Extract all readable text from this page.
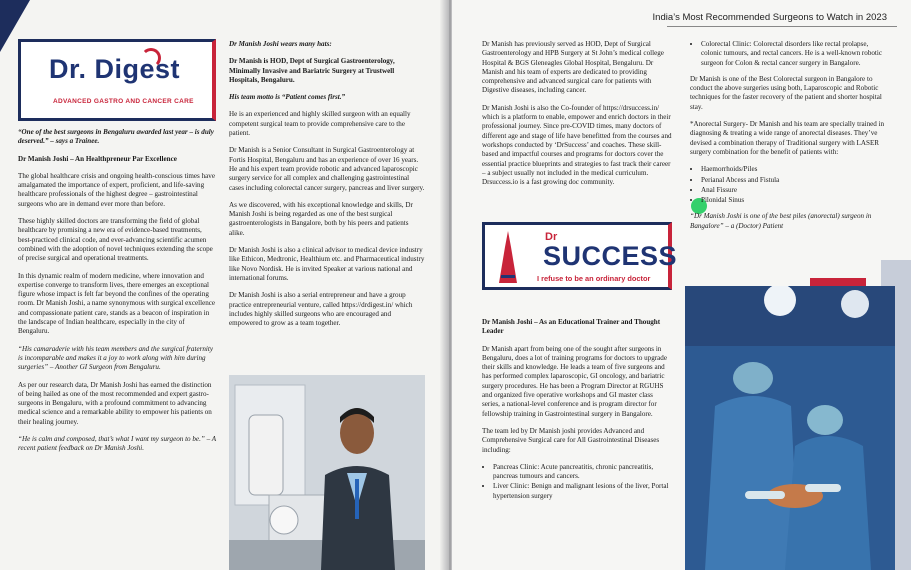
Dr. Digest
ADVANCED GASTRO AND CANCER CARE

“One of the best surgeons in Bengaluru awarded last year – is duly deserved.” – says a Trainee.

Dr Manish Joshi – An Healthpreneur Par Excellence

The global healthcare crisis and ongoing health-conscious times have amalgamated the importance of expert, proficient, and life-saving healthcare professionals of the highest degree – gastrointestinal surgeons who are in demand ever more than before.

These highly skilled doctors are transforming the field of global healthcare by promising a new era of evidence-based treatments, best-practiced clinical code, and ever-advancing scientific acumen combined with the adoption of novel techniques extending the scope of precise surgical and operational treatments.

In this dynamic realm of modern medicine, where innovation and expertise converge to transform lives, there emerges an exceptional figure whose impact is felt far beyond the confines of the operating room. Dr Manish Joshi, a name synonymous with surgical excellence and compassionate patient care, stands as a beacon of inspiration in the landscape of Indian healthcare, especially in the city of Bengaluru.

“His camaraderie with his team members and the surgical fraternity is incomparable and makes it a joy to work along with him during surgeries” – Another GI Surgeon from Bengaluru.

As per our research data, Dr Manish Joshi has earned the distinction of being hailed as one of the most recommended and expert gastro-surgeons in Bengaluru, with a profound commitment to advancing medical science and a remarkable ability to empower his patients on their healing journey.

“He is calm and composed, that’s what I want my surgeon to be.” – A recent patient feedback on Dr Manish Joshi.

Dr Manish Joshi wears many hats:

Dr Manish is HOD, Dept of Surgical Gastroenterology, Minimally Invasive and Bariatric Surgery at Trustwell Hospitals, Bengaluru.

His team motto is “Patient comes first.”

He is an experienced and highly skilled surgeon with an equally competent surgical team to provide comprehensive care to the patient.

Dr Manish is a Senior Consultant in Surgical Gastroenterology at Fortis Hospital, Bengaluru and has an experience of over 16 years. He and his expert team provide robotic and advanced laparoscopic surgery service for all complex and challenging gastrointestinal cases including colorectal cancer surgery, pancreas and liver surgery.

As we discovered, with his exceptional knowledge and skills, Dr Manish Joshi is being regarded as one of the best surgical gastroenterologists in Bangalore, both by his peers and patients alike.

Dr Manish Joshi is also a clinical advisor to medical device industry like Ethicon, Medtronic, Healthium etc. and Pharmaceutical industry like Novo Nordisk. He is invited Speaker at various national and international forums.

Dr Manish Joshi is also a serial entrepreneur and have a group practice entrepreneurial venture, called https://drdigest.in/ which includes highly skilled surgeons who are encouraged and empowered to grow as a team together.

India’s Most Recommended Surgeons to Watch in 2023

Dr Manish has previously served as HOD, Dept of Surgical Gastroenterology and HPB Surgery at St John’s medical college Hospital & BGS Gleneagles Global Hospital, Bengaluru. Dr Manish and his team of experts are dedicated to providing comprehensive and advanced surgical care for patients with Digestive diseases, including cancer.

Dr Manish Joshi is also the Co-founder of https://drsuccess.in/ which is a platform to enable, empower and enrich doctors in their professional journey. Since pre-COVID times, many doctors of different age and stage of life have benefitted from the courses and workshops conducted by ‘DrSuccess’ and coaches. These skill-based and impactful courses and programs for doctors cover the essential practice blueprints and strategies to fast track their career – a subject usually not included in the medical curriculum. Drsuccess.io is a fast growing doc community.

Dr
SUCCESS
I refuse to be an ordinary doctor

Dr Manish Joshi – As an Educational Trainer and Thought Leader

Dr Manish apart from being one of the sought after surgeons in Bengaluru, does a lot of training programs for doctors to upgrade their skills and knowledge. He leads a team of five surgeons and has performed complex laparoscopic, GI oncology, and bariatric surgery procedures. He has been a Program Director at RGUHS and organized five operative workshops and GI master class series, a national-level conference and is program director for fellowship training in Gastrointestinal surgery in Bangalore.

The team led by Dr Manish joshi provides Advanced and Comprehensive Surgical care for All Gastrointestinal Diseases including:

• Pancreas Clinic: Acute pancreatitis, chronic pancreatitis, pancreas tumours and cancers.
• Liver Clinic: Benign and malignant lesions of the liver, Portal hypertension surgery
• Colorectal Clinic: Colorectal disorders like rectal prolapse, colonic tumours, and rectal cancers. He is a well-known robotic surgeon for Colon & rectal cancer surgery in Bangalore.

Dr Manish is one of the Best Colorectal surgeon in Bangalore to conduct the above surgeries using both, Laparoscopic and Robotic techniques for the faster recovery of the patient and shorter hospital stay.

*Anorectal Surgery- Dr Manish and his team are specially trained in diagnosing & treating a wide range of anorectal diseases. They’ve devised a combination therapy of Traditional surgery with LASER surgery combination for the benefit of patients with:

• Haemorrhoids/Piles
• Perianal Abcess and Fistula
• Anal Fissure
• Pilonidal Sinus

“Dr Manish Joshi is one of the best piles (anorectal) surgeon in Bangalore” – a (Doctor) Patient
